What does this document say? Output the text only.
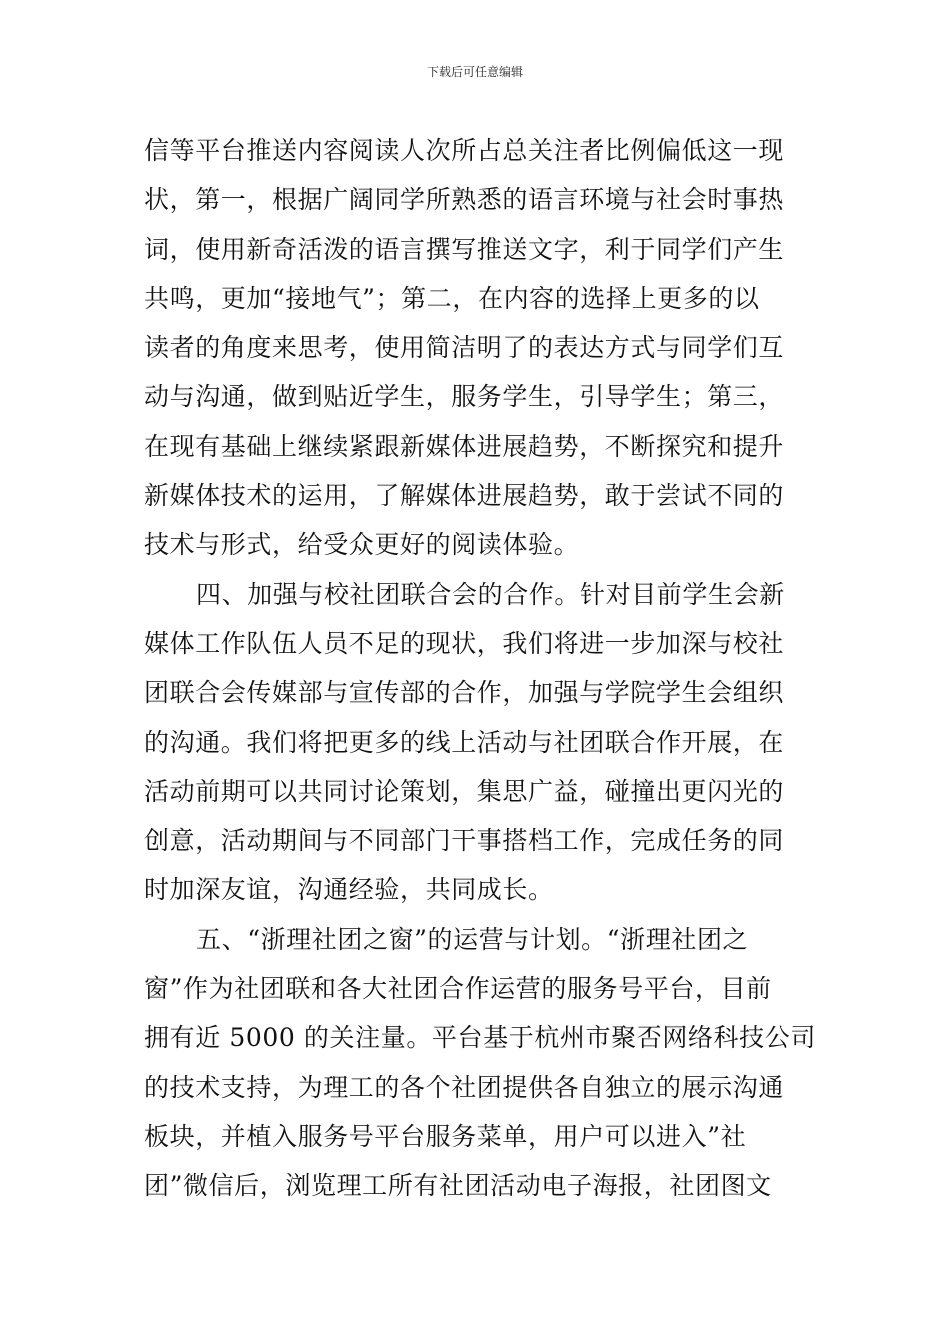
下载后可任意编辑
信等平台推送内容阅读人次所占总关注者比例偏低这一现
状，第一，根据广阔同学所熟悉的语言环境与社会时事热
词，使用新奇活泼的语言撰写推送文字，利于同学们产生
共鸣，更加“接地气”；第二，在内容的选择上更多的以
读者的角度来思考，使用简洁明了的表达方式与同学们互
动与沟通，做到贴近学生，服务学生，引导学生；第三，
在现有基础上继续紧跟新媒体进展趋势，不断探究和提升
新媒体技术的运用，了解媒体进展趋势，敢于尝试不同的
技术与形式，给受众更好的阅读体验。
四、加强与校社团联合会的合作。针对目前学生会新
媒体工作队伍人员不足的现状，我们将进一步加深与校社
团联合会传媒部与宣传部的合作，加强与学院学生会组织
的沟通。我们将把更多的线上活动与社团联合作开展，在
活动前期可以共同讨论策划，集思广益，碰撞出更闪光的
创意，活动期间与不同部门干事搭档工作，完成任务的同
时加深友谊，沟通经验，共同成长。
五、“浙理社团之窗”的运营与计划。“浙理社团之
窗”作为社团联和各大社团合作运营的服务号平台，目前
拥有近 5000 的关注量。平台基于杭州市聚否网络科技公司
的技术支持，为理工的各个社团提供各自独立的展示沟通
板块，并植入服务号平台服务菜单，用户可以进入”社
团”微信后，浏览理工所有社团活动电子海报，社团图文
